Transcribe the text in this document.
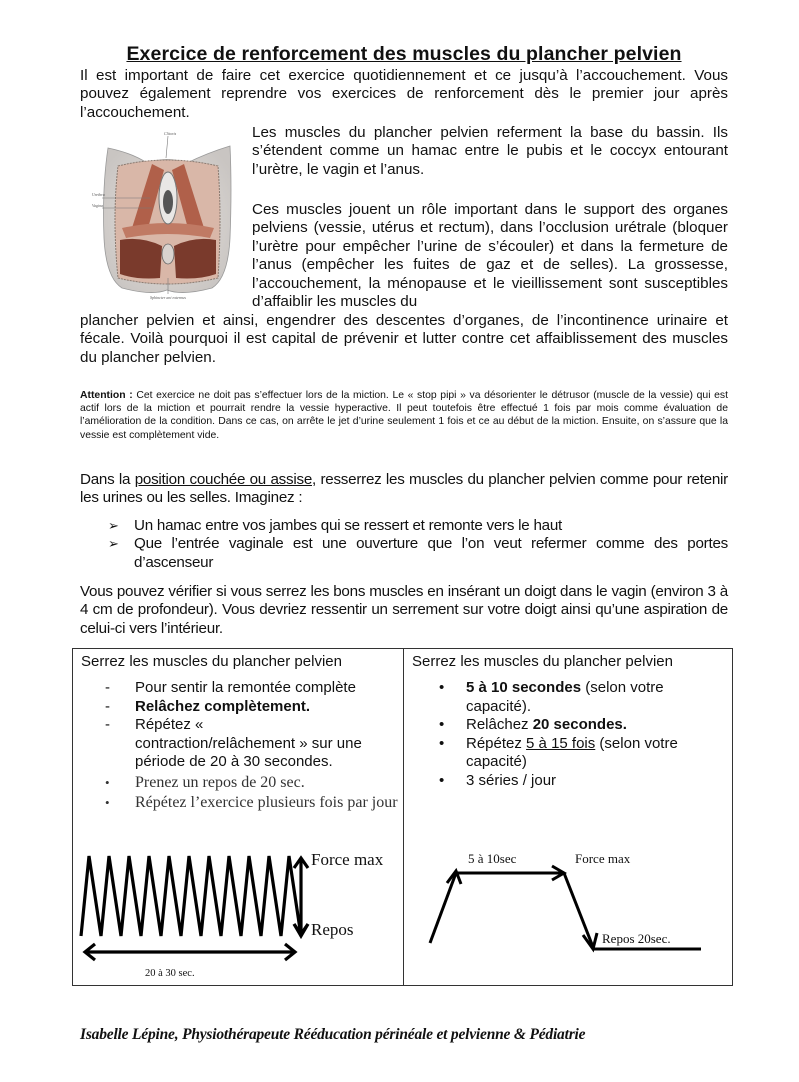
Exercice de renforcement des muscles du plancher pelvien
Il est important de faire cet exercice quotidiennement et ce jusqu’à l’accouchement. Vous pouvez également reprendre vos exercices de renforcement dès le premier jour après l’accouchement.
Clitoris
Urethra
Vagina
Sphincter ani externus
Les muscles du plancher pelvien referment la base du bassin. Ils s’étendent comme un hamac entre le pubis et le coccyx entourant l’urètre, le vagin et l’anus.
Ces muscles jouent un rôle important dans le support des organes pelviens (vessie, utérus et rectum), dans l’occlusion urétrale (bloquer l’urètre pour empêcher l’urine de s’écouler) et dans la fermeture de l’anus (empêcher les fuites de gaz et de selles). La grossesse, l’accouchement, la ménopause et le vieillissement sont susceptibles d’affaiblir les muscles du
plancher pelvien et ainsi, engendrer des descentes d’organes, de l’incontinence urinaire et fécale. Voilà pourquoi il est capital de prévenir et lutter contre cet affaiblissement des muscles du plancher pelvien.
Attention : Cet exercice ne doit pas s’effectuer lors de la miction. Le « stop pipi » va désorienter le détrusor (muscle de la vessie) qui est actif lors de la miction et pourrait rendre la vessie hyperactive. Il peut toutefois être effectué 1 fois par mois comme évaluation de l’amélioration de la condition. Dans ce cas, on arrête le jet d’urine seulement 1 fois et ce au début de la miction. Ensuite, on s’assure que la vessie est complètement vide.
Dans la position couchée ou assise, resserrez les muscles du plancher pelvien comme pour retenir les urines ou les selles. Imaginez :
➢ Un hamac entre vos jambes qui se ressert et remonte vers le haut
➢ Que l’entrée vaginale est une ouverture que l’on veut refermer comme des portes d’ascenseur
Vous pouvez vérifier si vous serrez les bons muscles en insérant un doigt dans le vagin (environ 3 à 4 cm de profondeur). Vous devriez ressentir un serrement sur votre doigt ainsi qu’une aspiration de celui-ci vers l’intérieur.
Serrez les muscles du plancher pelvien
- Pour sentir la remontée complète
- Relâchez complètement.
- Répétez « contraction/relâchement » sur une période de 20 à 30 secondes.
• Prenez un repos de 20 sec.
• Répétez l’exercice plusieurs fois par jour
Force max
Repos
20 à 30 sec.
Serrez les muscles du plancher pelvien
• 5 à 10 secondes (selon votre capacité).
• Relâchez 20 secondes.
• Répétez 5 à 15 fois (selon votre capacité)
• 3 séries / jour
5 à 10sec	Force max
Repos 20sec.
Isabelle Lépine, Physiothérapeute Rééducation périnéale et pelvienne & Pédiatrie
